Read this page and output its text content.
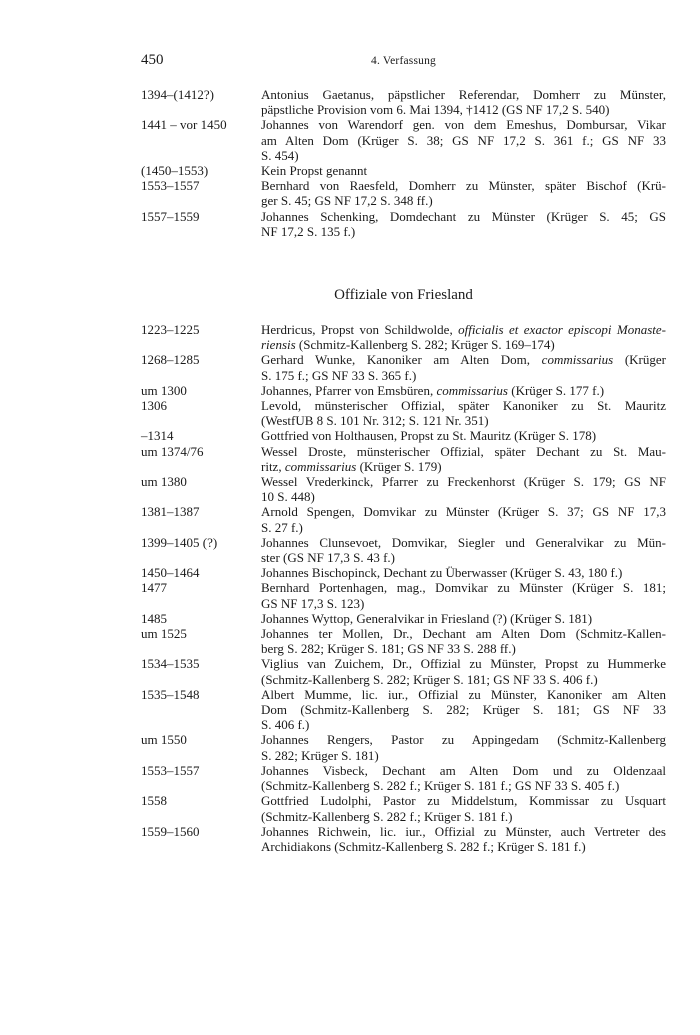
450	4. Verfassung
1394–(1412?)	Antonius Gaetanus, päpstlicher Referendar, Domherr zu Münster,
päpstliche Provision vom 6. Mai 1394, †1412 (GS NF 17,2 S. 540)
1441 – vor 1450	Johannes von Warendorf gen. von dem Emeshus, Dombursar, Vikar
am Alten Dom (Krüger S. 38; GS NF 17,2 S. 361 f.; GS NF 33
S. 454)
(1450–1553)	Kein Propst genannt
1553–1557	Bernhard von Raesfeld, Domherr zu Münster, später Bischof (Krü-
ger S. 45; GS NF 17,2 S. 348 ff.)
1557–1559	Johannes Schenking, Domdechant zu Münster (Krüger S. 45; GS
NF 17,2 S. 135 f.)
Offiziale von Friesland
1223–1225	Herdricus, Propst von Schildwolde, officialis et exactor episcopi Monaste-
riensis (Schmitz-Kallenberg S. 282; Krüger S. 169–174)
1268–1285	Gerhard Wunke, Kanoniker am Alten Dom, commissarius (Krüger
S. 175 f.; GS NF 33 S. 365 f.)
um 1300	Johannes, Pfarrer von Emsbüren, commissarius (Krüger S. 177 f.)
1306	Levold, münsterischer Offizial, später Kanoniker zu St. Mauritz
(WestfUB 8 S. 101 Nr. 312; S. 121 Nr. 351)
–1314	Gottfried von Holthausen, Propst zu St. Mauritz (Krüger S. 178)
um 1374/76	Wessel Droste, münsterischer Offizial, später Dechant zu St. Mau-
ritz, commissarius (Krüger S. 179)
um 1380	Wessel Vrederkinck, Pfarrer zu Freckenhorst (Krüger S. 179; GS NF
10 S. 448)
1381–1387	Arnold Spengen, Domvikar zu Münster (Krüger S. 37; GS NF 17,3
S. 27 f.)
1399–1405 (?)	Johannes Clunsevoet, Domvikar, Siegler und Generalvikar zu Mün-
ster (GS NF 17,3 S. 43 f.)
1450–1464	Johannes Bischopinck, Dechant zu Überwasser (Krüger S. 43, 180 f.)
1477	Bernhard Portenhagen, mag., Domvikar zu Münster (Krüger S. 181;
GS NF 17,3 S. 123)
1485	Johannes Wyttop, Generalvikar in Friesland (?) (Krüger S. 181)
um 1525	Johannes ter Mollen, Dr., Dechant am Alten Dom (Schmitz-Kallen-
berg S. 282; Krüger S. 181; GS NF 33 S. 288 ff.)
1534–1535	Viglius van Zuichem, Dr., Offizial zu Münster, Propst zu Hummerke
(Schmitz-Kallenberg S. 282; Krüger S. 181; GS NF 33 S. 406 f.)
1535–1548	Albert Mumme, lic. iur., Offizial zu Münster, Kanoniker am Alten
Dom (Schmitz-Kallenberg S. 282; Krüger S. 181; GS NF 33
S. 406 f.)
um 1550	Johannes Rengers, Pastor zu Appingedam (Schmitz-Kallenberg
S. 282; Krüger S. 181)
1553–1557	Johannes Visbeck, Dechant am Alten Dom und zu Oldenzaal
(Schmitz-Kallenberg S. 282 f.; Krüger S. 181 f.; GS NF 33 S. 405 f.)
1558	Gottfried Ludolphi, Pastor zu Middelstum, Kommissar zu Usquart
(Schmitz-Kallenberg S. 282 f.; Krüger S. 181 f.)
1559–1560	Johannes Richwein, lic. iur., Offizial zu Münster, auch Vertreter des
Archidiakons (Schmitz-Kallenberg S. 282 f.; Krüger S. 181 f.)
